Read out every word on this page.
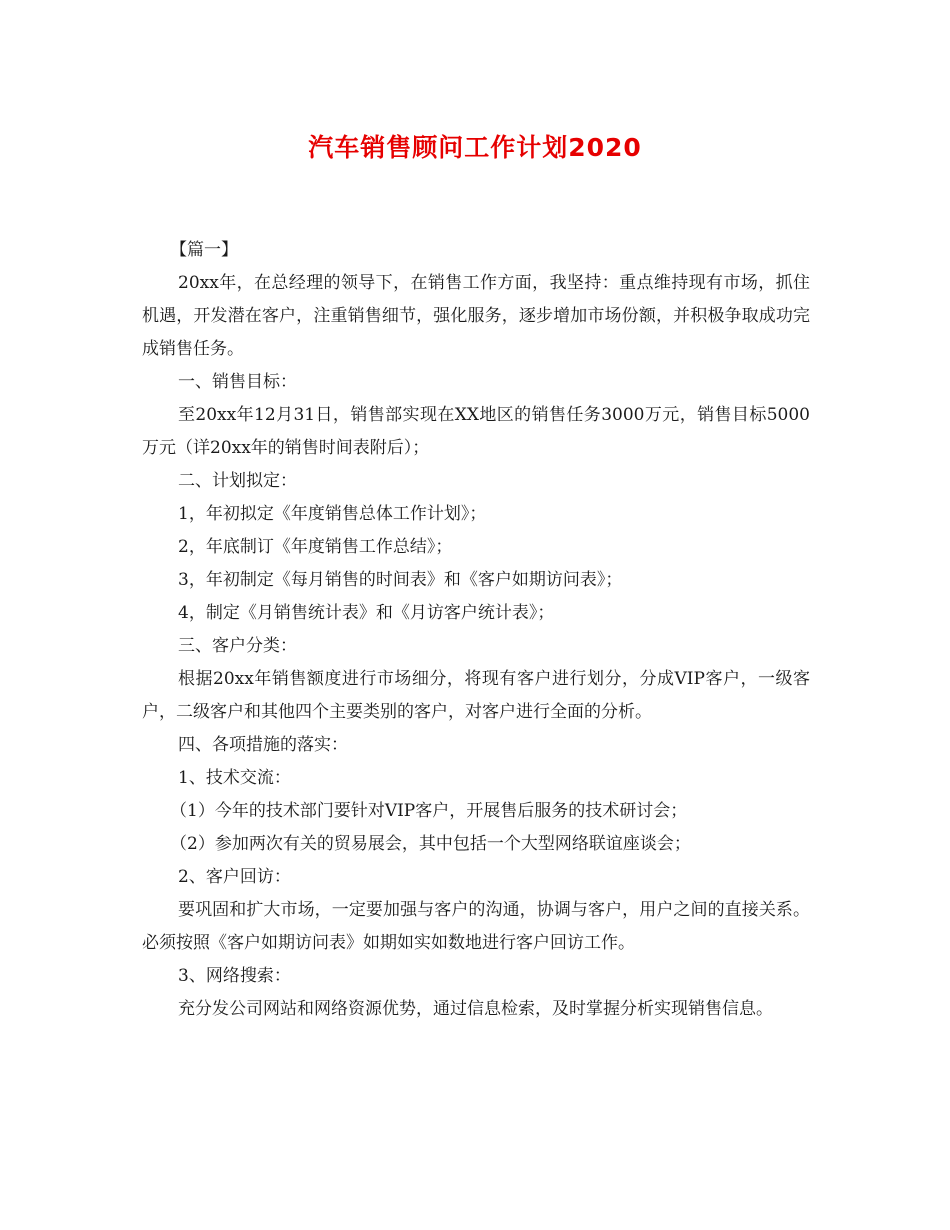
汽车销售顾问工作计划2020

【篇一】

20xx年，在总经理的领导下，在销售工作方面，我坚持：重点维持现有市场，抓住机遇，开发潜在客户，注重销售细节，强化服务，逐步增加市场份额，并积极争取成功完成销售任务。

一、销售目标：

至20xx年12月31日，销售部实现在XX地区的销售任务3000万元，销售目标5000万元（详20xx年的销售时间表附后）；

二、计划拟定：

1，年初拟定《年度销售总体工作计划》；

2，年底制订《年度销售工作总结》；

3，年初制定《每月销售的时间表》和《客户如期访问表》；

4，制定《月销售统计表》和《月访客户统计表》；

三、客户分类：

根据20xx年销售额度进行市场细分，将现有客户进行划分，分成VIP客户，一级客户，二级客户和其他四个主要类别的客户，对客户进行全面的分析。

四、各项措施的落实：

1、技术交流：

（1）今年的技术部门要针对VIP客户，开展售后服务的技术研讨会；

（2）参加两次有关的贸易展会，其中包括一个大型网络联谊座谈会；

2、客户回访：

要巩固和扩大市场，一定要加强与客户的沟通，协调与客户，用户之间的直接关系。必须按照《客户如期访问表》如期如实如数地进行客户回访工作。

3、网络搜索：

充分发公司网站和网络资源优势，通过信息检索，及时掌握分析实现销售信息。
